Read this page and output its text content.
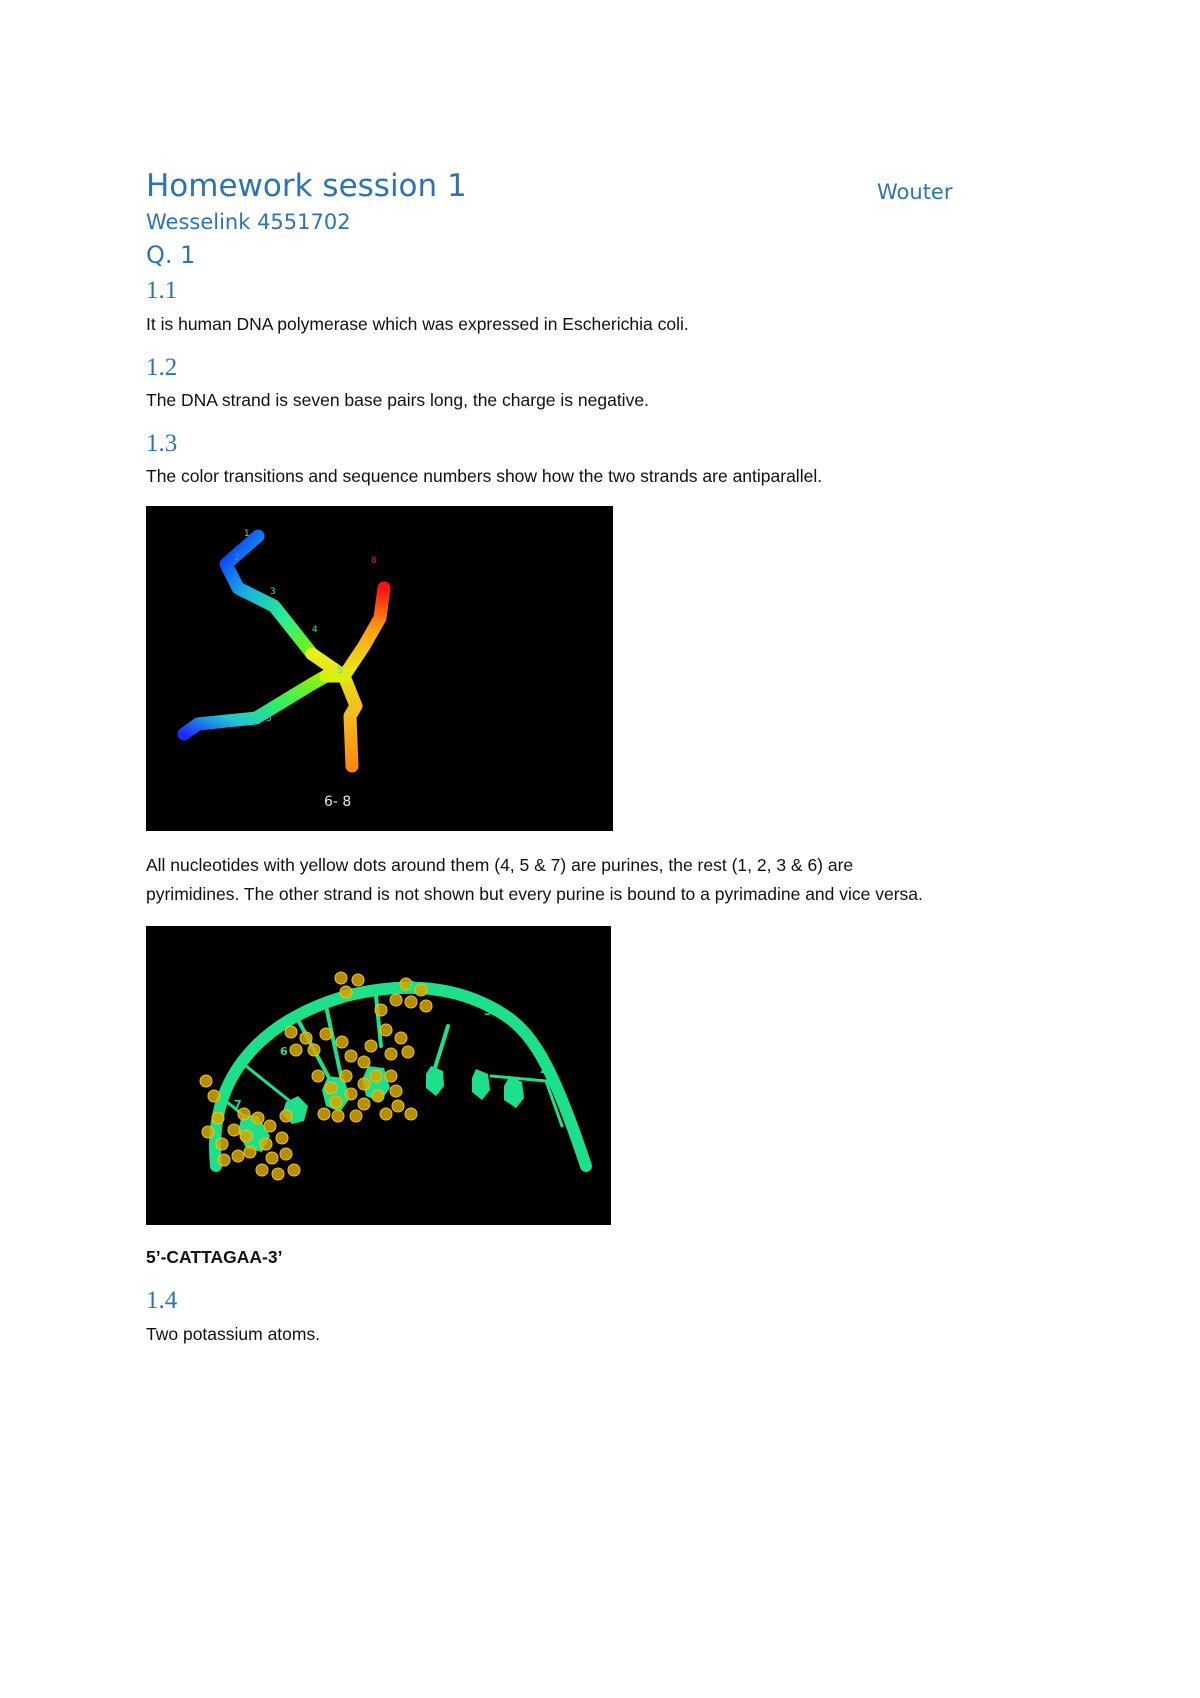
Homework session 1	Wouter
Wesselink 4551702
Q. 1
1.1
It is human DNA polymerase which was expressed in Escherichia coli.
1.2
The DNA strand is seven base pairs long, the charge is negative.
1.3
The color transitions and sequence numbers show how the two strands are antiparallel.
1
2
3
4
5
8
5
6- 8
All nucleotides with yellow dots around them (4, 5 & 7) are purines, the rest (1, 2, 3 & 6) are
pyrimidines. The other strand is not shown but every purine is bound to a pyrimadine and vice versa.
1
2
3
4
6
7
5’-CATTAGAA-3’
1.4
Two potassium atoms.
